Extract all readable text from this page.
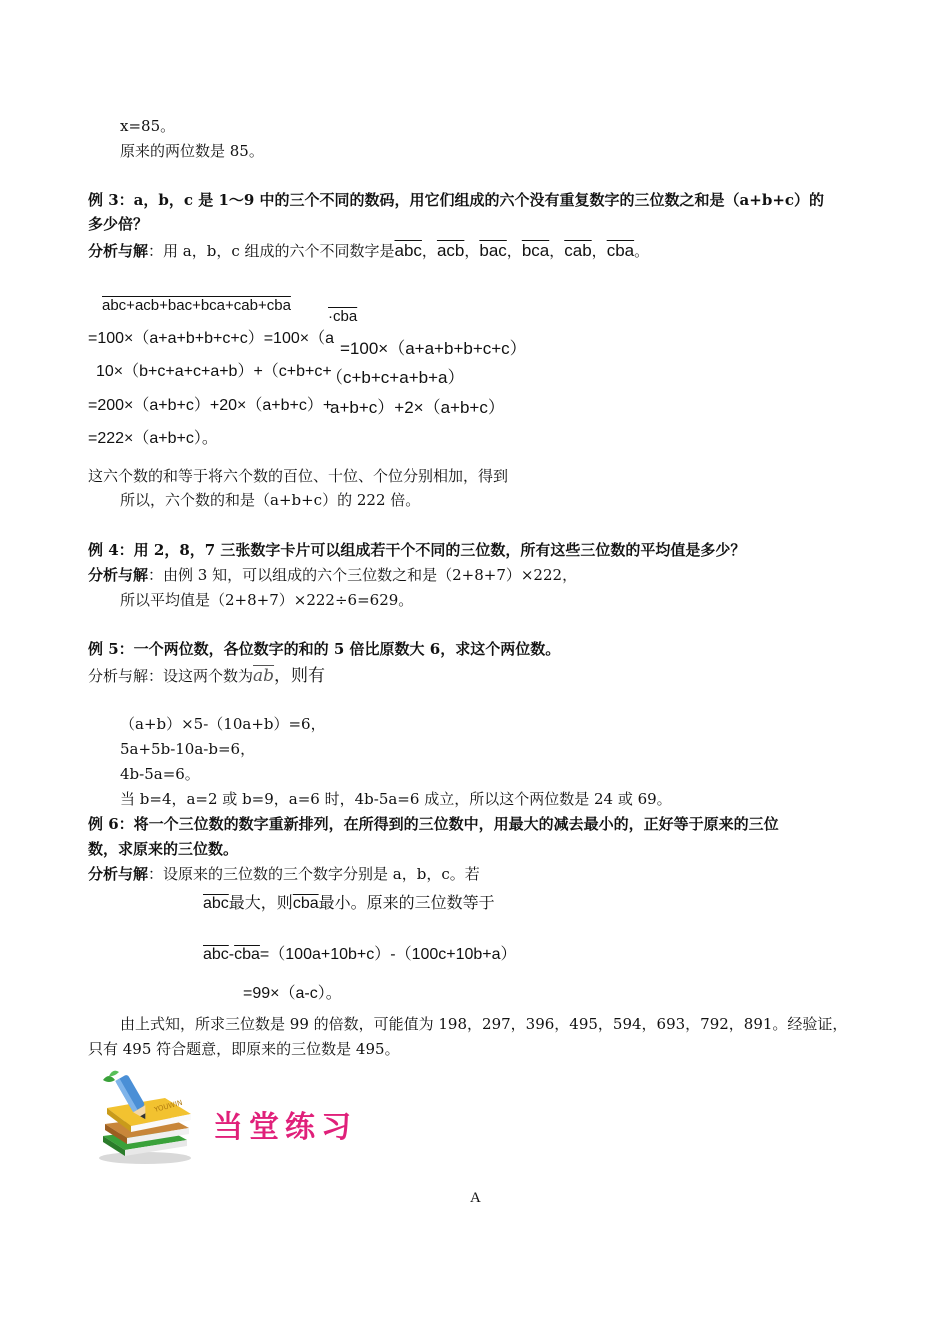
x=85。
原来的两位数是 85。
例 3：a，b，c 是 1～9 中的三个不同的数码，用它们组成的六个没有重复数字的三位数之和是（a+b+c）的
多少倍？
分析与解：用 a，b，c 组成的六个不同数字是$\overline{abc}$，$\overline{acb}$，$\overline{bac}$，$\overline{bca}$，$\overline{cab}$，$\overline{cba}$。
abc+acb+bac+bca+cab+cba
=100×（a+a+b+b+c+c）=100×（a
·cba
=100×（a+a+b+b+c+c）
10×（b+c+a+c+a+b）+（c+b+c+
（c+b+c+a+b+a）
=200×（a+b+c）+20×（a+b+c）+
a+b+c）+2×（a+b+c）
=222×（a+b+c）。
这六个数的和等于将六个数的百位、十位、个位分别相加，得到
所以，六个数的和是（a+b+c）的 222 倍。
例 4：用 2，8，7 三张数字卡片可以组成若干个不同的三位数，所有这些三位数的平均值是多少？
分析与解：由例 3 知，可以组成的六个三位数之和是（2+8+7）×222，
所以平均值是（2+8+7）×222÷6=629。
例 5：一个两位数，各位数字的和的 5 倍比原数大 6，求这个两位数。
分析与解：设这两个数为$\overline{ab}$，则有
（a+b）×5-（10a+b）=6，
5a+5b-10a-b=6，
4b-5a=6。
当 b=4，a=2 或 b=9，a=6 时，4b-5a=6 成立，所以这个两位数是 24 或 69。
例 6：将一个三位数的数字重新排列，在所得到的三位数中，用最大的减去最小的，正好等于原来的三位
数，求原来的三位数。
分析与解：设原来的三位数的三个数字分别是 a，b，c。若
$\overline{abc}$最大，则$\overline{cba}$最小。原来的三位数等于
$\overline{abc}-\overline{cba}=(100a+10b+c)-(100c+10b+a)$
=99×（a-c）。
由上式知，所求三位数是 99 的倍数，可能值为 198，297，396，495，594，693，792，891。经验证，
只有 495 符合题意，即原来的三位数是 495。
YOUWIN
当堂练习
A
